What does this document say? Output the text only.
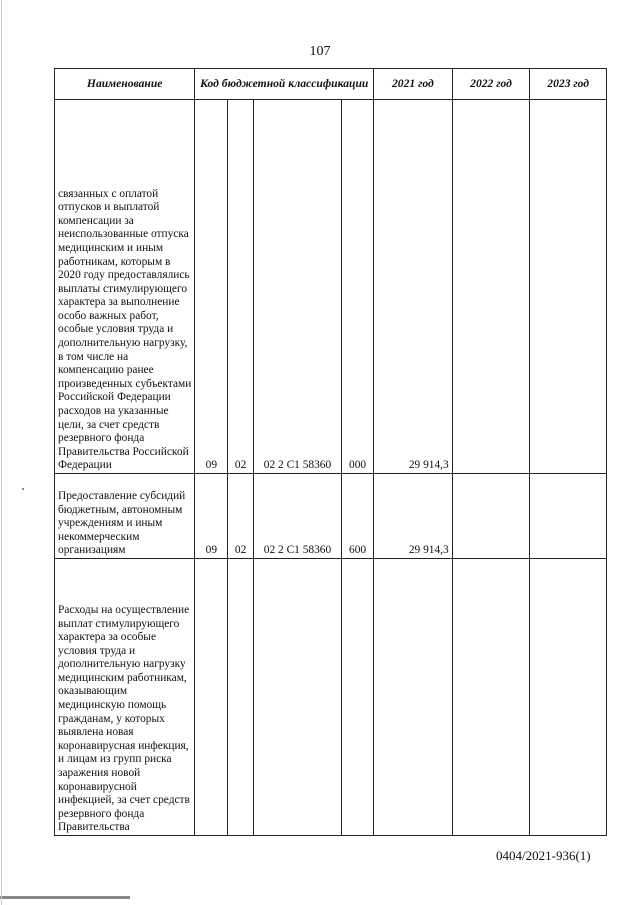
107
Наименование	Код бюджетной классификации				2021 год	2022 год	2023 год
связанных с оплатой отпусков и выплатой компенсации за неиспользованные отпуска медицинским и иным работникам, которым в 2020 году предоставлялись выплаты стимулирующего характера за выполнение особо важных работ, особые условия труда и дополнительную нагрузку, в том числе на компенсацию ранее произведенных субъектами Российской Федерации расходов на указанные цели, за счет средств резервного фонда Правительства Российской Федерации	09	02	02 2 С1 58360	000	29 914,3		
Предоставление субсидий бюджетным, автономным учреждениям и иным некоммерческим организациям	09	02	02 2 С1 58360	600	29 914,3		
Расходы на осуществление выплат стимулирующего характера за особые условия труда и дополнительную нагрузку медицинским работникам, оказывающим медицинскую помощь гражданам, у которых выявлена новая коронавирусная инфекция, и лицам из групп риска заражения новой коронавирусной инфекцией, за счет средств резервного фонда Правительства							
0404/2021-936(1)
